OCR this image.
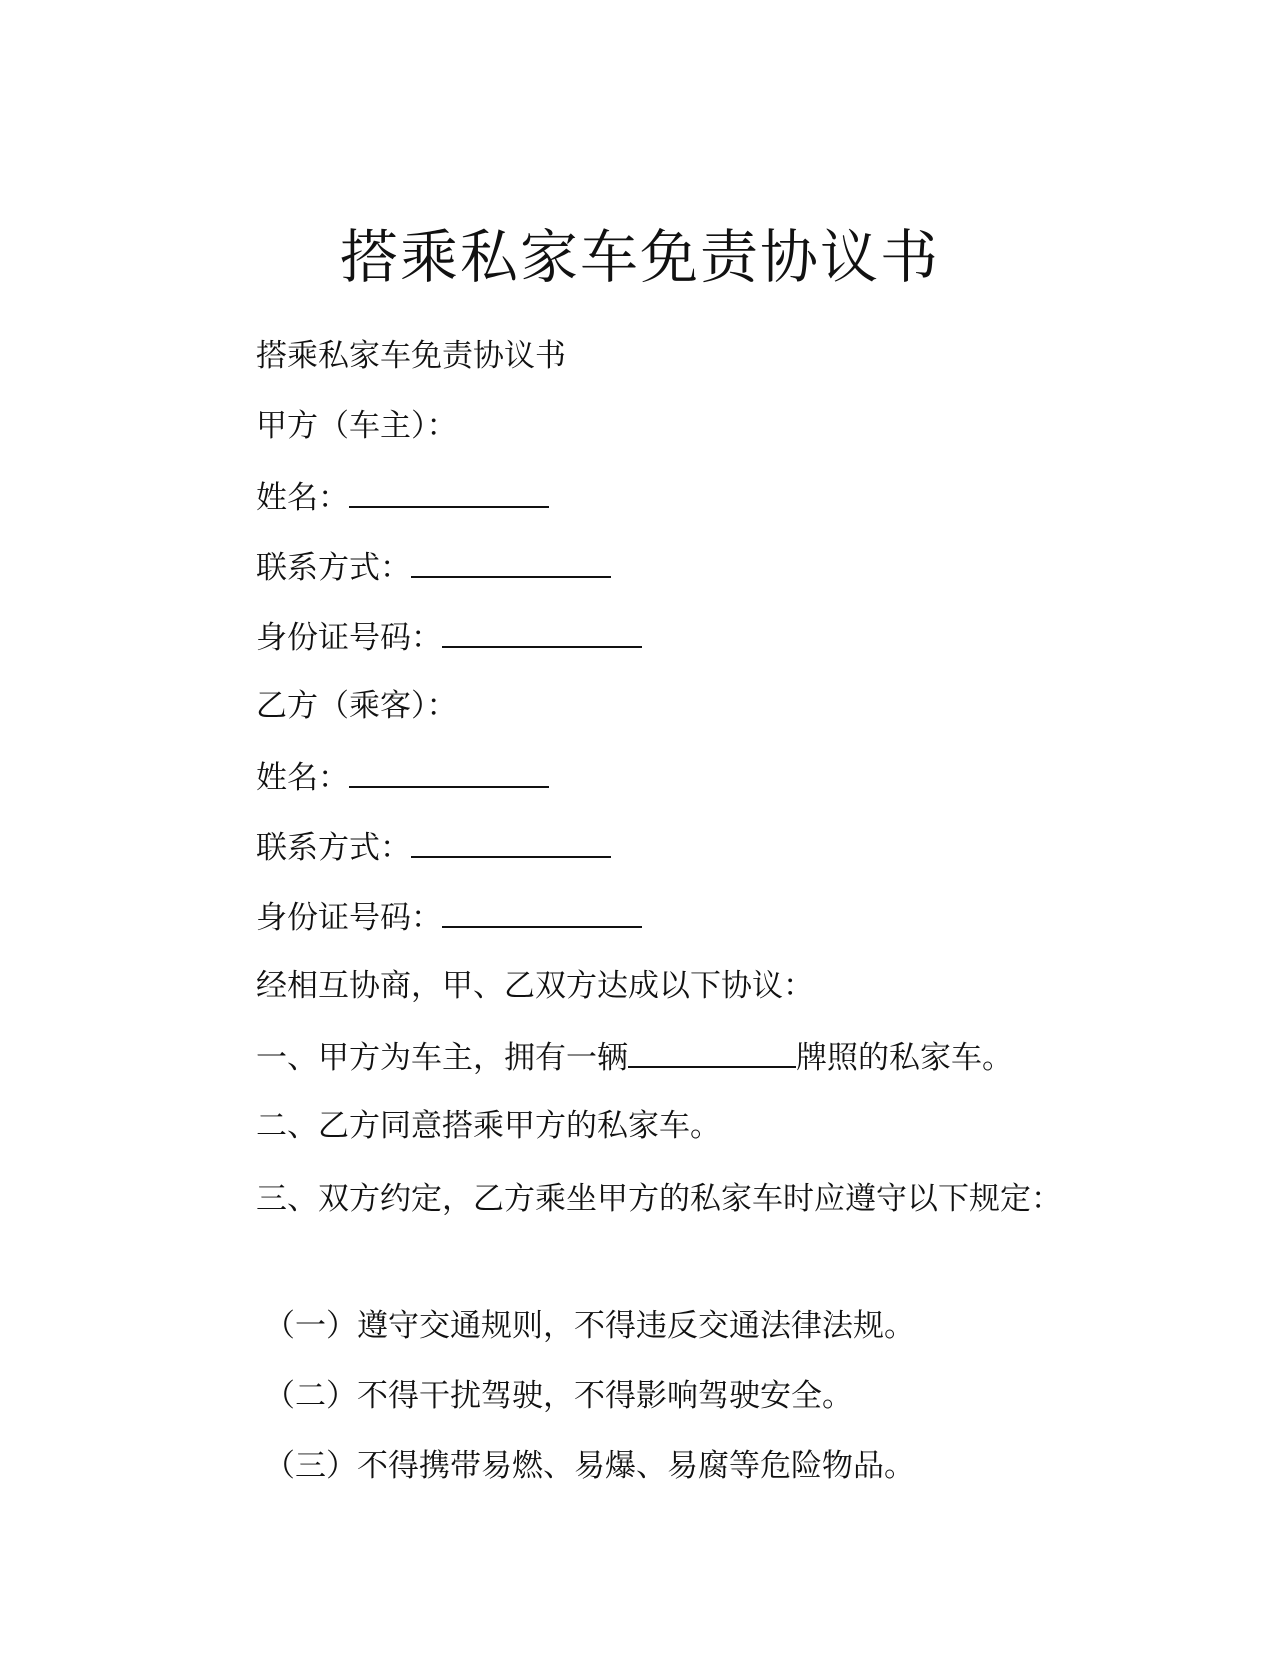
搭乘私家车免责协议书

搭乘私家车免责协议书

甲方（车主）：

姓名：

联系方式：

身份证号码：

乙方（乘客）：

姓名：

联系方式：

身份证号码：

经相互协商，甲、乙双方达成以下协议：

一、甲方为车主，拥有一辆	牌照的私家车。

二、乙方同意搭乘甲方的私家车。

三、双方约定，乙方乘坐甲方的私家车时应遵守以下规定：

（一）遵守交通规则，不得违反交通法律法规。

（二）不得干扰驾驶，不得影响驾驶安全。

（三）不得携带易燃、易爆、易腐等危险物品。
